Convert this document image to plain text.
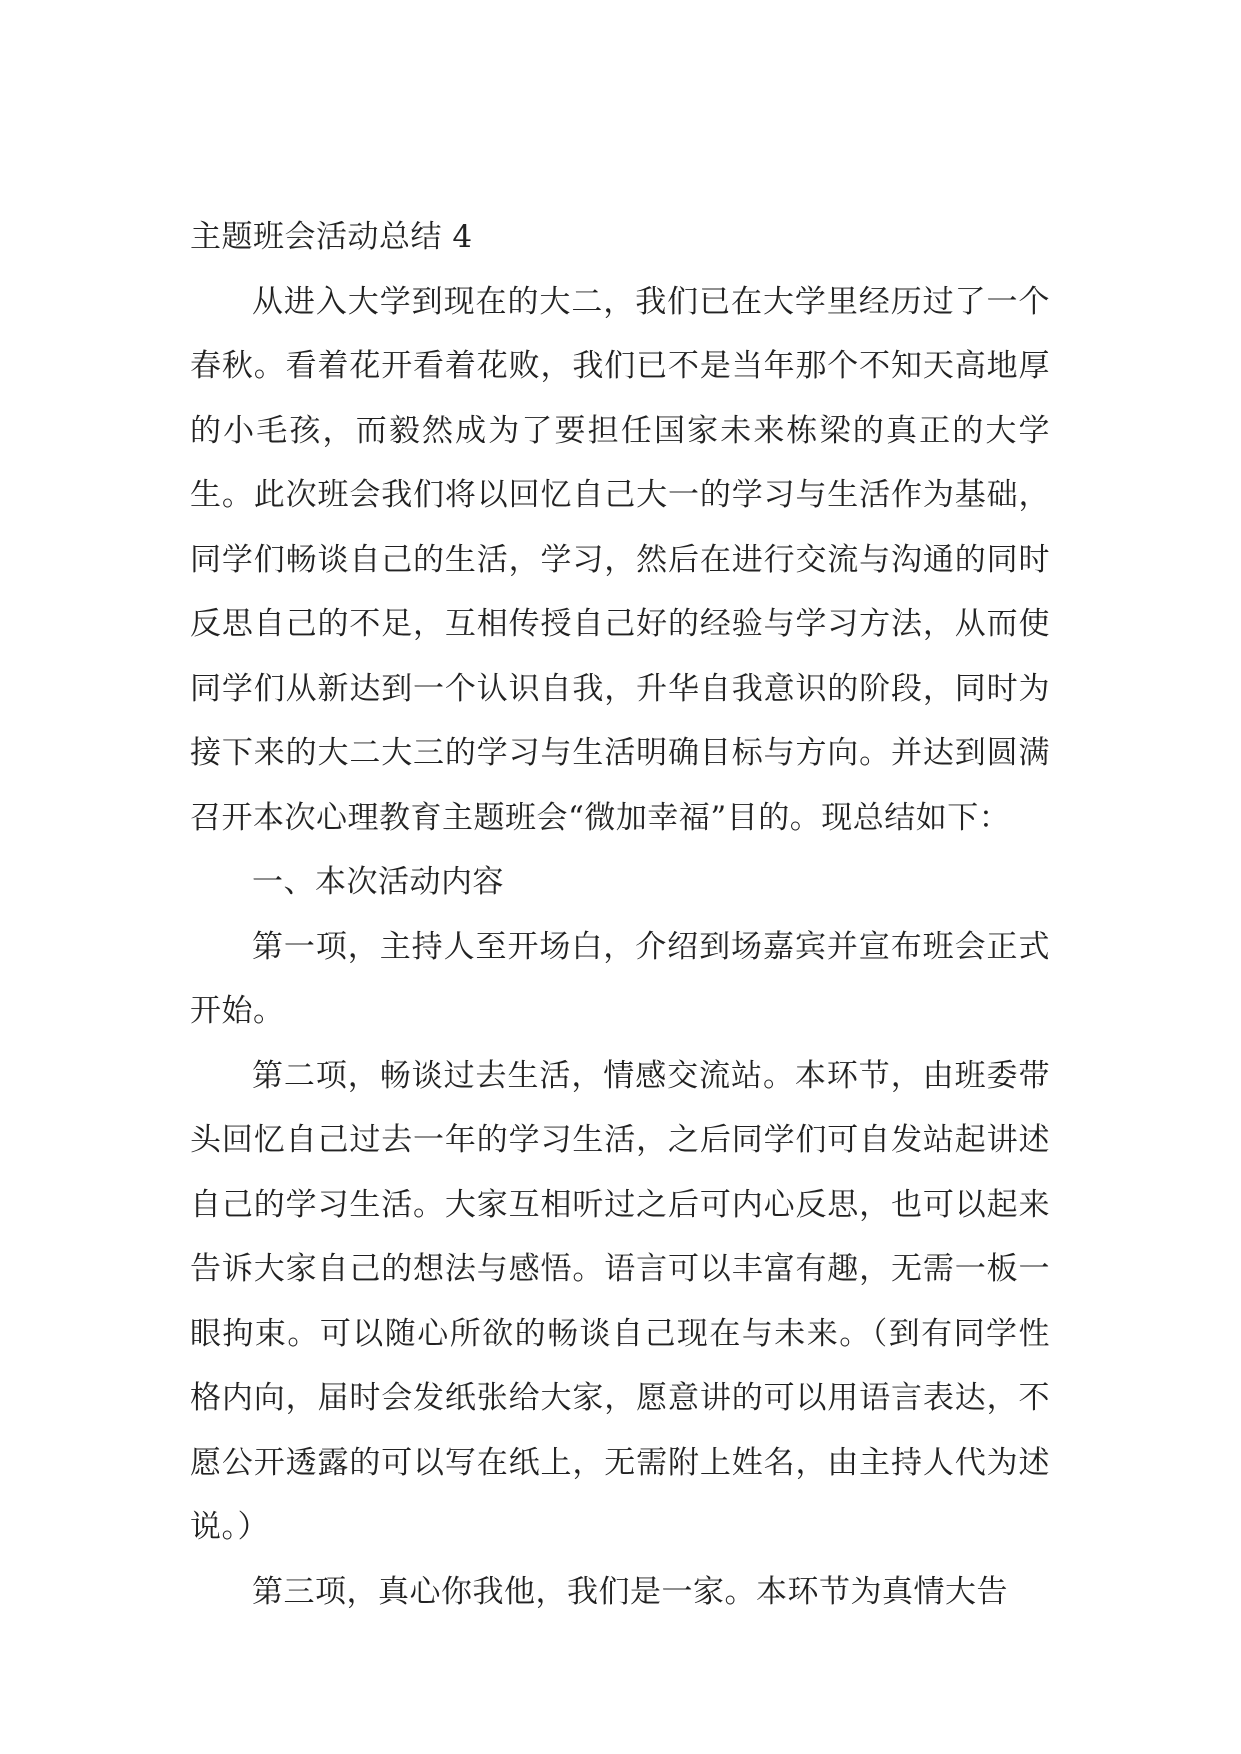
主题班会活动总结 4

从进入大学到现在的大二，我们已在大学里经历过了一个春秋。看着花开看着花败，我们已不是当年那个不知天高地厚的小毛孩，而毅然成为了要担任国家未来栋梁的真正的大学生。此次班会我们将以回忆自己大一的学习与生活作为基础，同学们畅谈自己的生活，学习，然后在进行交流与沟通的同时反思自己的不足，互相传授自己好的经验与学习方法，从而使同学们从新达到一个认识自我，升华自我意识的阶段，同时为接下来的大二大三的学习与生活明确目标与方向。并达到圆满召开本次心理教育主题班会“微加幸福”目的。现总结如下：

一、本次活动内容

第一项，主持人至开场白，介绍到场嘉宾并宣布班会正式开始。

第二项，畅谈过去生活，情感交流站。本环节，由班委带头回忆自己过去一年的学习生活，之后同学们可自发站起讲述自己的学习生活。大家互相听过之后可内心反思，也可以起来告诉大家自己的想法与感悟。语言可以丰富有趣，无需一板一眼拘束。可以随心所欲的畅谈自己现在与未来。（到有同学性格内向，届时会发纸张给大家，愿意讲的可以用语言表达，不愿公开透露的可以写在纸上，无需附上姓名，由主持人代为述说。）

第三项，真心你我他，我们是一家。本环节为真情大告
